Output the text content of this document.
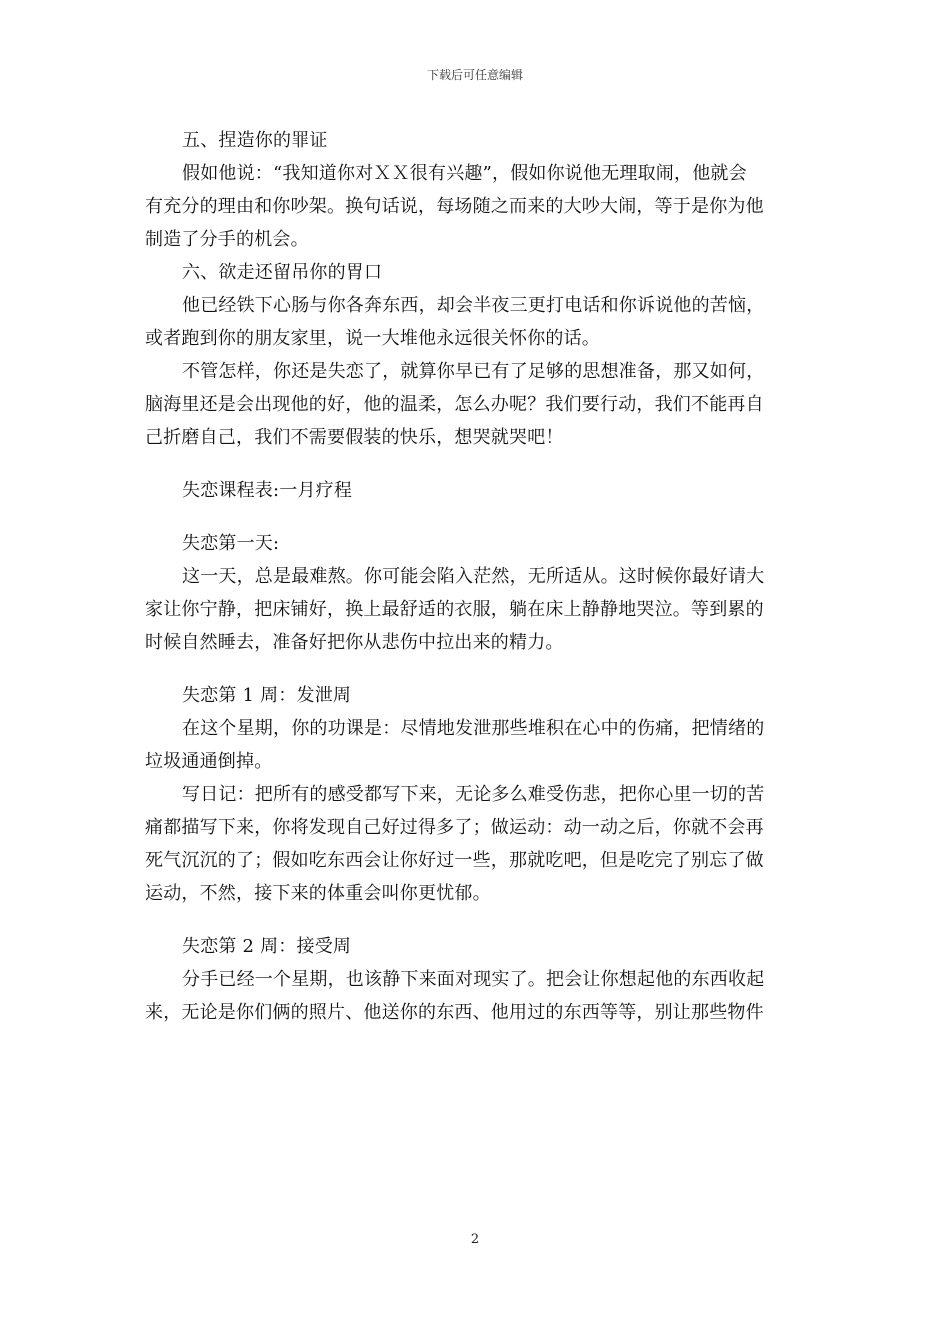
下载后可任意编辑
五、捏造你的罪证
假如他说：“我知道你对ＸＸ很有兴趣”，假如你说他无理取闹，他就会
有充分的理由和你吵架。换句话说，每场随之而来的大吵大闹，等于是你为他
制造了分手的机会。
六、欲走还留吊你的胃口
他已经铁下心肠与你各奔东西，却会半夜三更打电话和你诉说他的苦恼，
或者跑到你的朋友家里，说一大堆他永远很关怀你的话。
不管怎样，你还是失恋了，就算你早已有了足够的思想准备，那又如何，
脑海里还是会出现他的好，他的温柔，怎么办呢？我们要行动，我们不能再自
己折磨自己，我们不需要假装的快乐，想哭就哭吧！
失恋课程表:一月疗程
失恋第一天:
这一天，总是最难熬。你可能会陷入茫然，无所适从。这时候你最好请大
家让你宁静，把床铺好，换上最舒适的衣服，躺在床上静静地哭泣。等到累的
时候自然睡去，准备好把你从悲伤中拉出来的精力。
失恋第 1 周：发泄周
在这个星期，你的功课是：尽情地发泄那些堆积在心中的伤痛，把情绪的
垃圾通通倒掉。
写日记：把所有的感受都写下来，无论多么难受伤悲，把你心里一切的苦
痛都描写下来，你将发现自己好过得多了；做运动：动一动之后，你就不会再
死气沉沉的了；假如吃东西会让你好过一些，那就吃吧，但是吃完了别忘了做
运动，不然，接下来的体重会叫你更忧郁。
失恋第 2 周：接受周
分手已经一个星期，也该静下来面对现实了。把会让你想起他的东西收起
来，无论是你们俩的照片、他送你的东西、他用过的东西等等，别让那些物件
2
